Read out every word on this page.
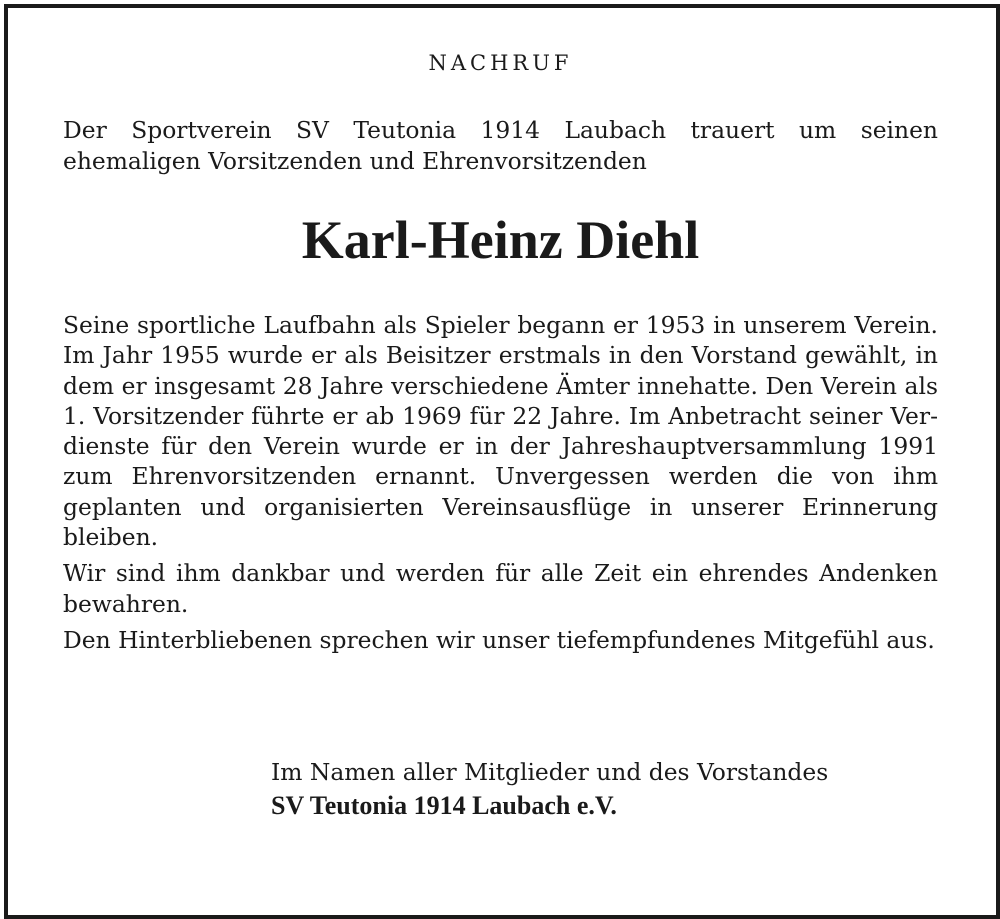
NACHRUF
Der Sportverein SV Teutonia 1914 Laubach trauert um seinen ehemaligen Vorsitzenden und Ehrenvorsitzenden
Karl-Heinz Diehl

Seine sportliche Laufbahn als Spieler begann er 1953 in unserem Verein. Im Jahr 1955 wurde er als Beisitzer erstmals in den Vorstand gewählt, in dem er insgesamt 28 Jahre verschiedene Ämter innehatte. Den Verein als 1. Vorsitzender führte er ab 1969 für 22 Jahre. Im Anbetracht seiner Verdienste für den Verein wurde er in der Jahreshauptversammlung 1991 zum Ehrenvorsitzenden ernannt. Unvergessen werden die von ihm geplanten und organisierten Vereinsausflüge in unserer Erinnerung bleiben.

Wir sind ihm dankbar und werden für alle Zeit ein ehrendes Andenken bewahren.

Den Hinterbliebenen sprechen wir unser tiefempfundenes Mitgefühl aus.

Im Namen aller Mitglieder und des Vorstandes
SV Teutonia 1914 Laubach e.V.
